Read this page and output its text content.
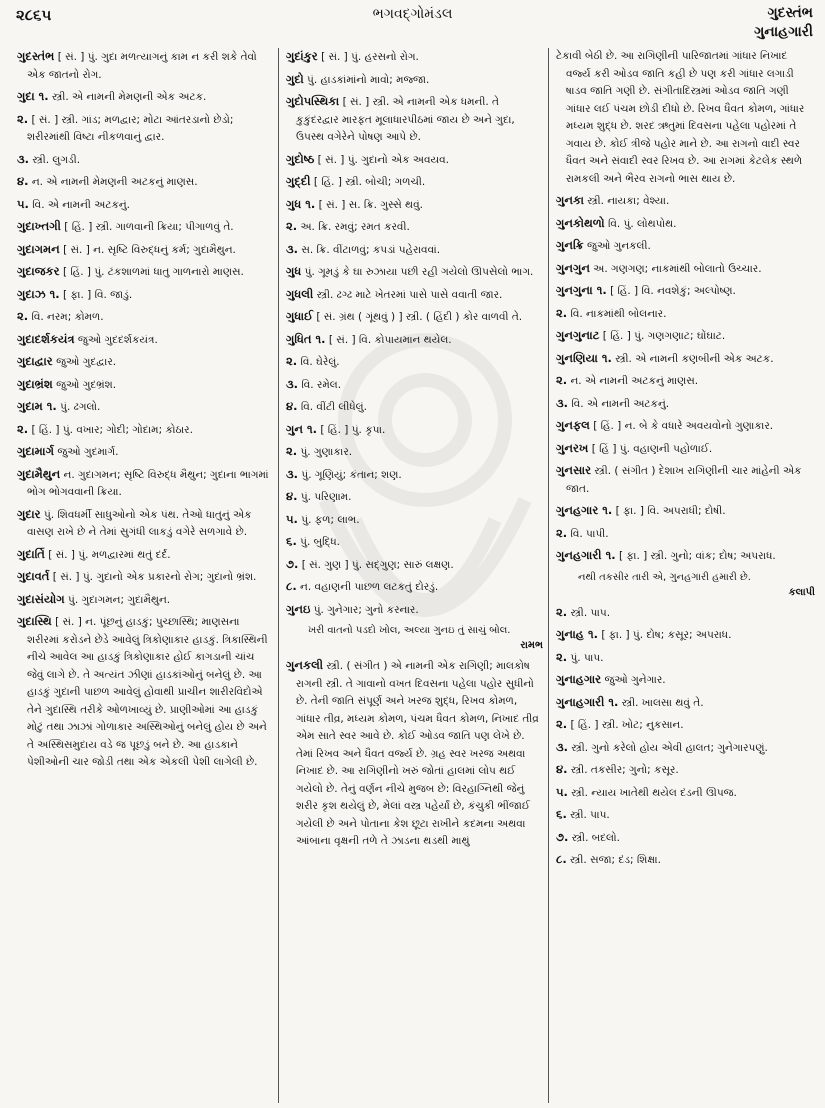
૨૮૬૫	ભગવદ્ગોમંડલ	ગુદસ્તંભ
ગુનાહગારી
ગુદસ્તંભ [ સં. ] પું. ગુદા મળત્યાગનું કામ ન કરી શકે તેવો એક જાતનો રોગ.
ગુદા ૧. સ્ત્રી. એ નામની મેમણની એક અટક.
૨. [ સં. ] સ્ત્રી. ગાંડ; મળદ્વાર; મોટા આંતરડાનો છેડો; શરીરમાંથી વિષ્ટા નીકળવાનું દ્વાર.
૩. સ્ત્રી. લુગડી.
૪. ન. એ નામની મેમણની અટકનું માણસ.
૫. વિ. એ નામની અટકનું.
ગુદાખ્તગી [ હિં. ] સ્ત્રી. ગાળવાની ક્રિયા; પીગાળવું તે.
ગુદાગમન [ સં. ] ન. સૃષ્ટિ વિરુદ્ધનું કર્મ; ગુદામૈથુન.
ગુદાજકર [ હિં. ] પું. ટંકશાળમાં ધાતુ ગાળનારો માણસ.
ગુદાઝ ૧. [ ફા. ] વિ. જાડું.
૨. વિ. નરમ; કોમળ.
ગુદાદર્શકયંત્ર જુઓ ગુદદર્શકયંત્ર.
ગુદાદ્વાર જુઓ ગુદદ્વાર.
ગુદાભ્રંશ જુઓ ગુદભ્રંશ.
ગુદામ ૧. પું. ઢગલો.
૨. [ હિં. ] પું. વખાર; ગોદી; ગોદામ; કોઠાર.
ગુદામાર્ગ જુઓ ગુદમાર્ગ.
ગુદામૈથુન ન. ગુદાગમન; સૃષ્ટિ વિરુદ્ધ મૈથુન; ગુદાના ભાગમાં ભોગ ભોગવવાની ક્રિયા.
ગુદાર પું. શિવધર્મી સાધુઓનો એક પંથ. તેઓ ધાતુનું એક વાસણ રાખે છે ને તેમાં સુગંધી લાકડું વગેરે સળગાવે છે.
ગુદાર્તિ [ સં. ] પું. મળદ્વારમાં થતું દર્દ.
ગુદાવર્ત [ સં. ] પું. ગુદાનો એક પ્રકારનો રોગ; ગુદાનો ભ્રંશ.
ગુદાસંયોગ પું. ગુદાગમન; ગુદામૈથુન.
ગુદાસ્થિ [ સં. ] ન. પૂંછનું હાડકું; પુચ્છાસ્થિ; માણસના શરીરમાં કરોડને છેડે આવેલું ત્રિકોણાકાર હાડકું. ત્રિકાસ્થિની નીચે આવેલ આ હાડકું ત્રિકોણાકાર હોઈ કાગડાની ચાંચ જેવું લાગે છે. તે અત્યંત ઝીણાં હાડકાંઓનું બનેલું છે. આ હાડકું ગુદાની પાછળ આવેલું હોવાથી પ્રાચીન શારીરવિદોએ તેને ગુદાસ્થિ તરીકે ઓળખાવ્યું છે. પ્રાણીઓમાં આ હાડકું મોટું તથા ઝાઝાં ગોળાકાર અસ્થિઓનું બનેલું હોય છે અને તે અસ્થિસમુદાય વડે જ પૂછડું બને છે. આ હાડકાને પેશીઓની ચાર જોડી તથા એક એકલી પેશી લાગેલી છે.
ગુદાંકુર [ સં. ] પું. હરસનો રોગ.
ગુદો પું. હાડકાંમાંનો માવો; મજ્જા.
ગુદોપસ્થિકા [ સં. ] સ્ત્રી. એ નામની એક ધમની. તે કુકુંદરદ્વાર મારફત મૂલાધારપીઠમાં જાય છે અને ગુદા, ઉપસ્થ વગેરેને પોષણ આપે છે.
ગુદોષ્ઠ [ સં. ] પું. ગુદાનો એક અવયવ.
ગુદ્દી [ હિં. ] સ્ત્રી. બોચી; ગળચી.
ગુધ ૧. [ સં. ] સ. ક્રિ. ગુસ્સે થવું.
૨. અ. ક્રિ. રમવું; રમત કરવી.
૩. સ. ક્રિ. વીંટાળવું; કપડાં પહેરાવવાં.
ગુધ પું. ગૂમડું કે ઘા રુઝાયા પછી રહી ગયેલો ઊપસેલો ભાગ.
ગુધલી સ્ત્રી. ઢગ્ઢ માટે ખેતરમાં પાસે પાસે વવાતી જાર.
ગુધાઈ [ સં. ગ્રંથ ( ગૂંથવું ) ] સ્ત્રી. ( હિંદી ) કોર વાળવી તે.
ગુધિત ૧. [ સં. ] વિ. કોપાયમાન થયેલ.
૨. વિ. ઘેરેલું.
૩. વિ. રમેલ.
૪. વિ. વીંટી લીધેલું.
ગુન ૧. [ હિં. ] પું. કૃપા.
૨. પું. ગુણાકાર.
૩. પું. ગૂણિયું; કંતાન; શણ.
૪. પું. પરિણામ.
૫. પું. ફળ; લાભ.
૬. પું. બુદ્ધિ.
૭. [ સં. ગુણ ] પું. સદ્ગુણ; સારું લક્ષણ.
૮. ન. વહાણની પાછળ લટકતું દોરડું.
ગુનઇ પું. ગુનેગાર; ગુનો કરનાર.
ખરી વાતનો પડદો ખોલ, અલ્યા ગુનઇ તું સાચું બોલ.
રામભ
ગુનકલી સ્ત્રી. ( સંગીત ) એ નામની એક રાગિણી; માલકોષ રાગની સ્ત્રી. તે ગાવાનો વખત દિવસના પહેલા પહોર સુધીનો છે. તેની જાતિ સંપૂર્ણ અને ખરજ શુદ્ધ, રિખવ કોમળ, ગાંધાર તીવ્ર, મધ્યમ કોમળ, પંચમ ધૈવત કોમળ, નિખાદ તીવ્ર એમ સાતે સ્વર આવે છે. કોઈ ઓડવ જાતિ પણ લેખે છે. તેમાં રિખવ અને ધૈવત વર્જ્ય છે. ગ્રહ સ્વર ખરજ અથવા નિખાદ છે. આ રાગિણીનો ખરું જોતાં હાલમાં લોપ થઈ ગયેલો છે. તેનું વર્ણન નીચે મુજબ છે: વિરહાગ્નિથી જેનું શરીર કૃશ થયેલું છે, મેલાં વસ્ત્ર પહેર્યાં છે, કંચુકી ભીંજાઈ ગયેલી છે અને પોતાના કેશ છૂટા રાખીને કદમના અથવા આંબાના વૃક્ષની તળે તે ઝાડના થડથી માથું
ટેકાવી બેઠી છે. આ રાગિણીની પારિજાતમાં ગાંધાર નિખાદ વર્જ્ય કરી ઓડવ જાતિ કહી છે પણ કરી ગાંધાર લગાડી ષાડવ જાતિ ગણી છે. સંગીતાદિસ્ત્રમાં ઓડવ જાતિ ગણી ગાંધાર લઈ પંચમ છોડી દીધો છે. રિખવ ધૈવત કોમળ, ગાંધાર મધ્યમ શુદ્ધ છે. શરદ ઋતુમાં દિવસના પહેલા પહોરમાં તે ગવાય છે. કોઈ ત્રીજે પહોર માને છે. આ રાગનો વાદી સ્વર ધૈવત અને સંવાદી સ્વર રિખવ છે. આ રાગમાં કેટલેક સ્થળે રામકલી અને ભૈરવ રાગનો ભાસ થાય છે.
ગુનકા સ્ત્રી. નાયકા; વેશ્યા.
ગુનકોથળો વિ. પું. લોથપોથ.
ગુનક્રિ જુઓ ગુનકલી.
ગુનગુન અ. ગણગણ; નાકમાંથી બોલાતો ઉચ્ચાર.
ગુનગુના ૧. [ હિં. ] વિ. નવશેકું; અલ્પોષ્ણ.
૨. વિ. નાકમાંથી બોલનાર.
ગુનગુનાટ [ હિં. ] પું. ગણગણાટ; ઘોંઘાટ.
ગુનણિયા ૧. સ્ત્રી. એ નામની કણબીની એક અટક.
૨. ન. એ નામની અટકનું માણસ.
૩. વિ. એ નામની અટકનું.
ગુનફલ [ હિં. ] ન. બે કે વધારે અવયવોનો ગુણાકાર.
ગુનરખ [ હિં ] પું. વહાણની પહોળાઈ.
ગુનસાર સ્ત્રી. ( સંગીત ) દેશાખ રાગિણીની ચાર માંહેની એક જાત.
ગુનહગાર ૧. [ ફા. ] વિ. અપરાધી; દોષી.
૨. વિ. પાપી.
ગુનહગારી ૧. [ ફા. ] સ્ત્રી. ગુનો; વાંક; દોષ; અપરાધ.
નથી તકસીર તારી એ, ગુનહગારી હમારી છે.
કલાપી
૨. સ્ત્રી. પાપ.
ગુનાહ ૧. [ ફા. ] પું. દોષ; કસૂર; અપરાધ.
૨. પું. પાપ.
ગુનાહગાર જુઓ ગુનેગાર.
ગુનાહગારી ૧. સ્ત્રી. ખાલસા થવું તે.
૨. [ હિં. ] સ્ત્રી. ખોટ; નુકસાન.
૩. સ્ત્રી. ગુનો કરેલો હોય એવી હાલત; ગુનેગારપણું.
૪. સ્ત્રી. તકસીર; ગુનો; કસૂર.
૫. સ્ત્રી. ન્યાય ખાતેથી થયેલ દંડની ઊપજ.
૬. સ્ત્રી. પાપ.
૭. સ્ત્રી. બદલો.
૮. સ્ત્રી. સજા; દંડ; શિક્ષા.
